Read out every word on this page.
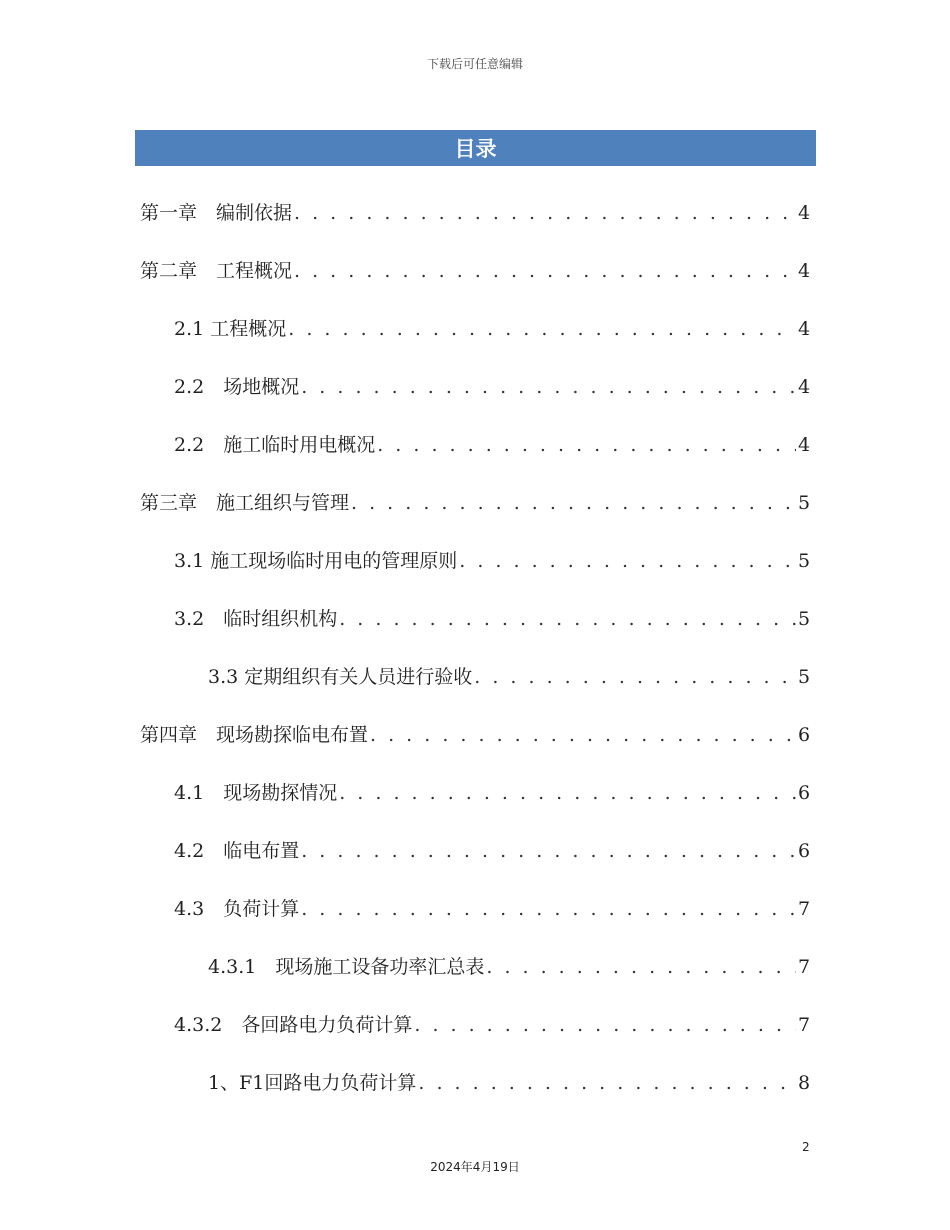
下载后可任意编辑
目录
第一章　编制依据 . . .	4
第二章　工程概况 . . .	4
2.1 工程概况 . . .	4
2.2　场地概况 . . .	4
2.2　施工临时用电概况 . . .	4
第三章　施工组织与管理 . . .	5
3.1 施工现场临时用电的管理原则 . . .	5
3.2　临时组织机构 . . .	5
3.3 定期组织有关人员进行验收 . . .	5
第四章　现场勘探临电布置 . . .	6
4.1　现场勘探情况 . . .	6
4.2　临电布置 . . .	6
4.3　负荷计算 . . .	7
4.3.1　现场施工设备功率汇总表 . . .	7
4.3.2　各回路电力负荷计算 . . .	7
1、F1回路电力负荷计算 . . .	8
2
2024年4月19日
